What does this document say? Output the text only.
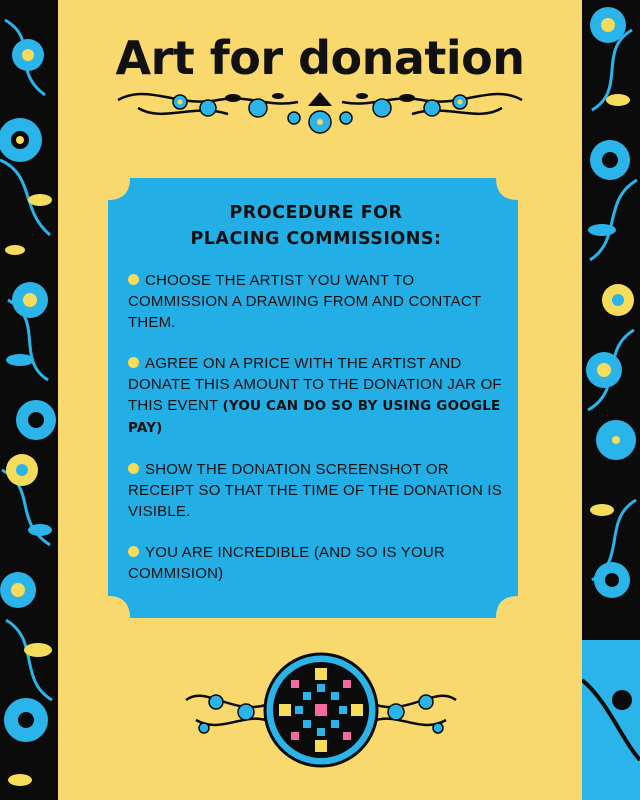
Art for donation
PROCEDURE FOR
PLACING COMMISSIONS:
CHOOSE THE ARTIST YOU WANT TO COMMISSION A DRAWING FROM AND CONTACT THEM.
AGREE ON A PRICE WITH THE ARTIST AND DONATE THIS AMOUNT TO THE DONATION JAR OF THIS EVENT (YOU CAN DO SO BY USING GOOGLE PAY)
SHOW THE DONATION SCREENSHOT OR RECEIPT SO THAT THE TIME OF THE DONATION IS VISIBLE.
YOU ARE INCREDIBLE (AND SO IS YOUR COMMISION)
